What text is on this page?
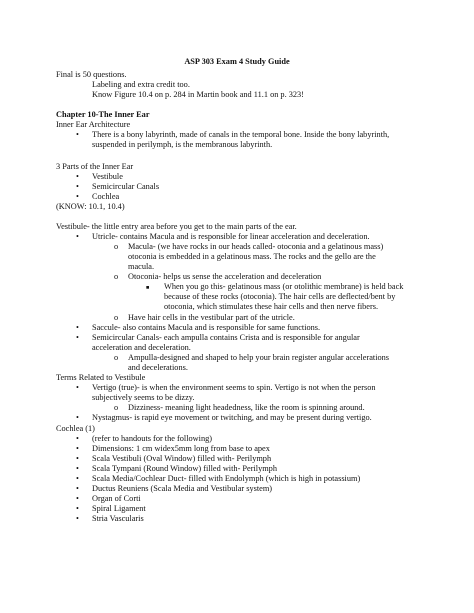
ASP 303 Exam 4 Study Guide
Final is 50 questions.
Labeling and extra credit too.
Know Figure 10.4 on p. 284 in Martin book and 11.1 on p. 323!
Chapter 10-The Inner Ear
Inner Ear Architecture
• There is a bony labyrinth, made of canals in the temporal bone. Inside the bony labyrinth,
suspended in perilymph, is the membranous labyrinth.
3 Parts of the Inner Ear
• Vestibule
• Semicircular Canals
• Cochlea
(KNOW: 10.1, 10.4)
Vestibule- the little entry area before you get to the main parts of the ear.
• Utricle- contains Macula and is responsible for linear acceleration and deceleration.
o Macula- (we have rocks in our heads called- otoconia and a gelatinous mass)
otoconia is embedded in a gelatinous mass. The rocks and the gello are the
macula.
o Otoconia- helps us sense the acceleration and deceleration
■ When you go this- gelatinous mass (or otolithic membrane) is held back
because of these rocks (otoconia). The hair cells are deflected/bent by
otoconia, which stimulates these hair cells and then nerve fibers.
o Have hair cells in the vestibular part of the utricle.
• Saccule- also contains Macula and is responsible for same functions.
• Semicircular Canals- each ampulla contains Crista and is responsible for angular
acceleration and deceleration.
o Ampulla-designed and shaped to help your brain register angular accelerations
and decelerations.
Terms Related to Vestibule
• Vertigo (true)- is when the environment seems to spin. Vertigo is not when the person
subjectively seems to be dizzy.
o Dizziness- meaning light headedness, like the room is spinning around.
• Nystagmus- is rapid eye movement or twitching, and may be present during vertigo.
Cochlea (1)
• (refer to handouts for the following)
• Dimensions: 1 cm widex5mm long from base to apex
• Scala Vestibuli (Oval Window) filled with- Perilymph
• Scala Tympani (Round Window) filled with- Perilymph
• Scala Media/Cochlear Duct- filled with Endolymph (which is high in potassium)
• Ductus Reuniens (Scala Media and Vestibular system)
• Organ of Corti
• Spiral Ligament
• Stria Vascularis
